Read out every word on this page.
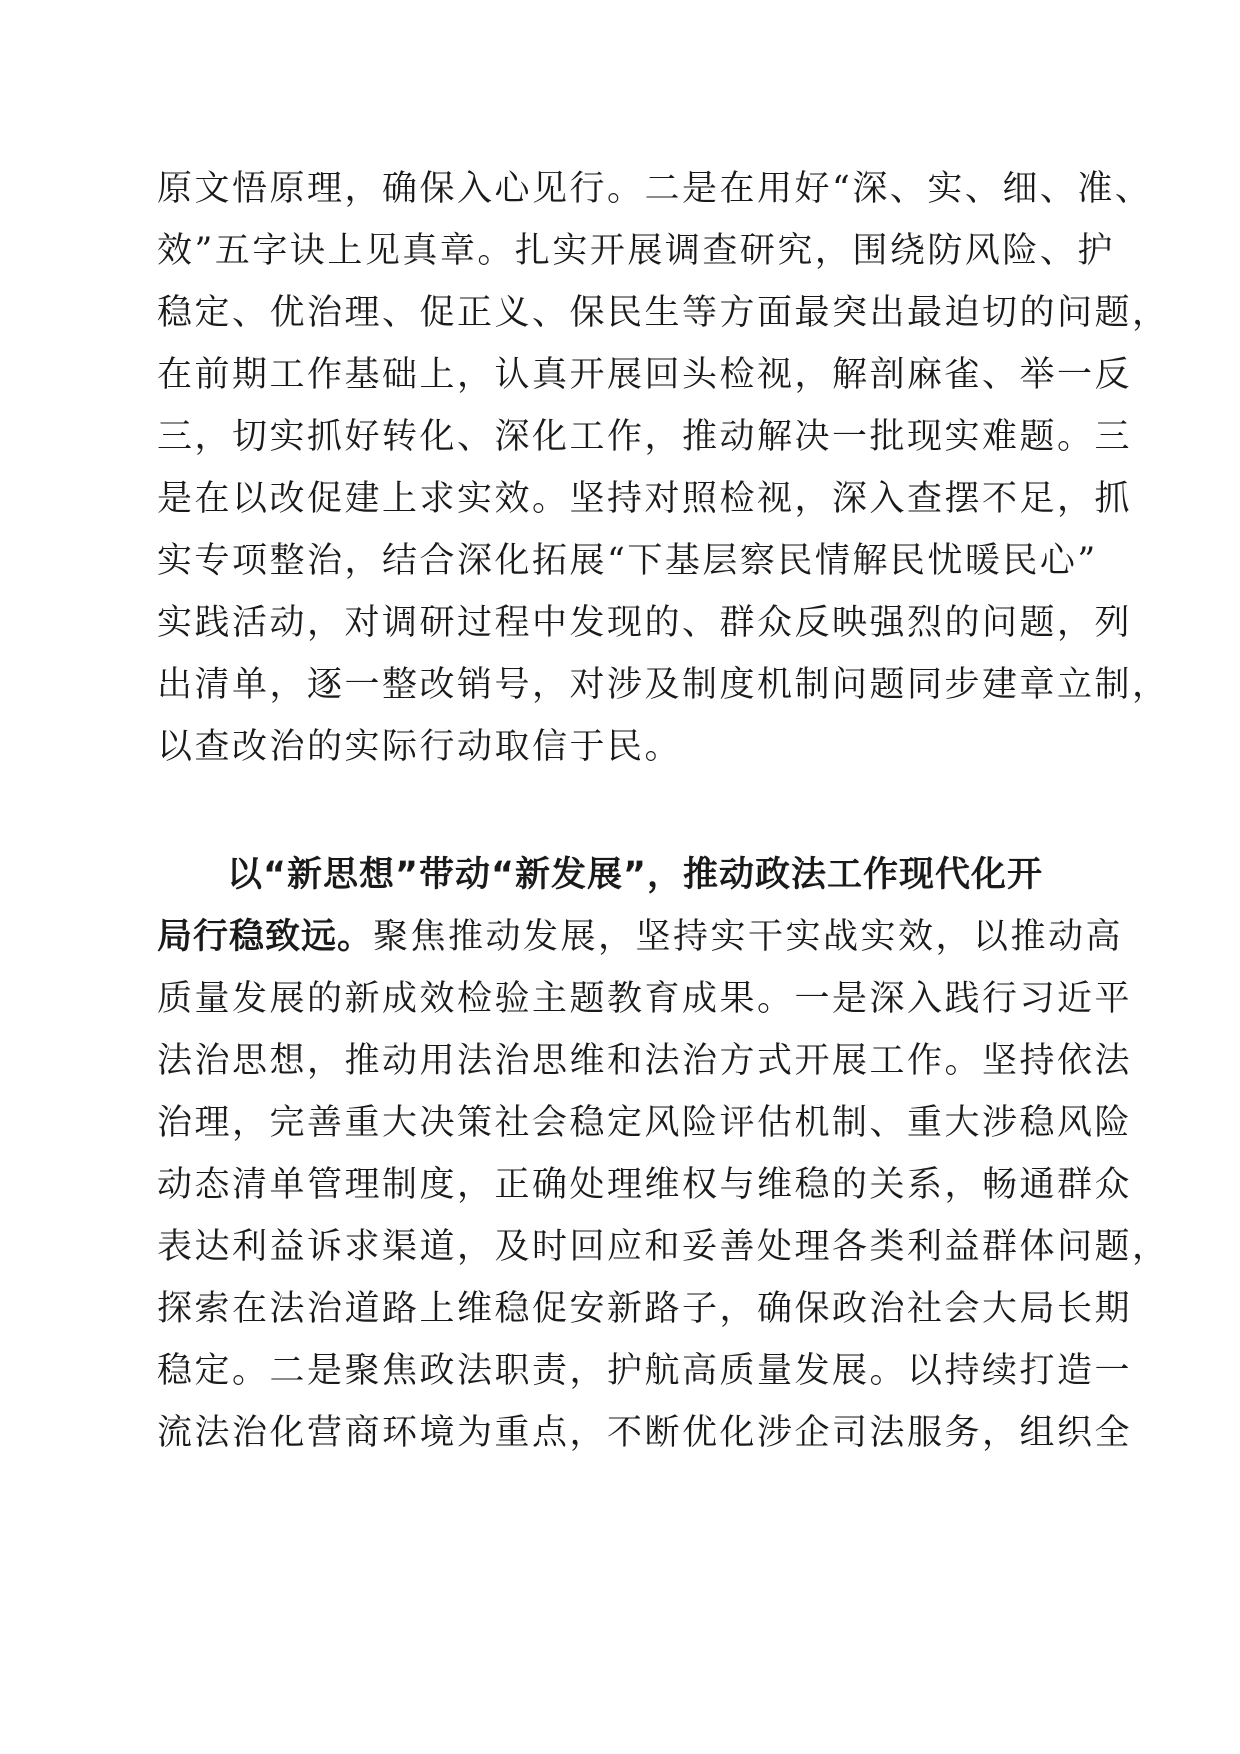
原文悟原理，确保入心见行。二是在用好“深、实、细、准、
效”五字诀上见真章。扎实开展调查研究，围绕防风险、护
稳定、优治理、促正义、保民生等方面最突出最迫切的问题，
在前期工作基础上，认真开展回头检视，解剖麻雀、举一反
三，切实抓好转化、深化工作，推动解决一批现实难题。三
是在以改促建上求实效。坚持对照检视，深入查摆不足，抓
实专项整治，结合深化拓展“下基层察民情解民忧暖民心”
实践活动，对调研过程中发现的、群众反映强烈的问题，列
出清单，逐一整改销号，对涉及制度机制问题同步建章立制，
以查改治的实际行动取信于民。
以“新思想”带动“新发展”，推动政法工作现代化开
局行稳致远。聚焦推动发展，坚持实干实战实效，以推动高
质量发展的新成效检验主题教育成果。一是深入践行习近平
法治思想，推动用法治思维和法治方式开展工作。坚持依法
治理，完善重大决策社会稳定风险评估机制、重大涉稳风险
动态清单管理制度，正确处理维权与维稳的关系，畅通群众
表达利益诉求渠道，及时回应和妥善处理各类利益群体问题，
探索在法治道路上维稳促安新路子，确保政治社会大局长期
稳定。二是聚焦政法职责，护航高质量发展。以持续打造一
流法治化营商环境为重点，不断优化涉企司法服务，组织全
